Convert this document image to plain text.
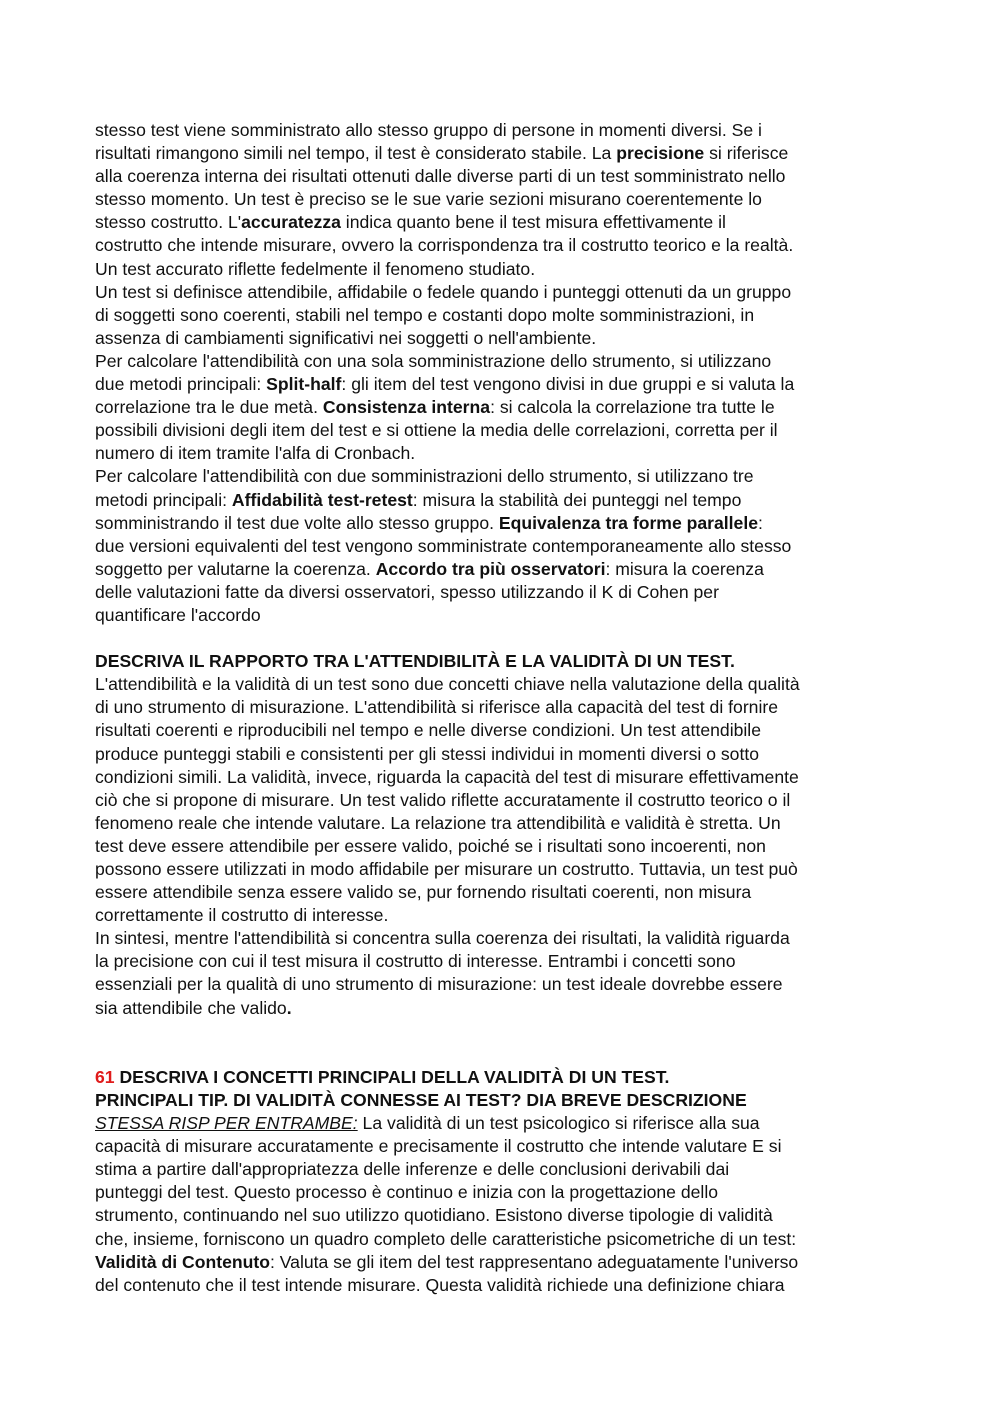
stesso test viene somministrato allo stesso gruppo di persone in momenti diversi. Se i
risultati rimangono simili nel tempo, il test è considerato stabile. La precisione si riferisce
alla coerenza interna dei risultati ottenuti dalle diverse parti di un test somministrato nello
stesso momento. Un test è preciso se le sue varie sezioni misurano coerentemente lo
stesso costrutto. L'accuratezza indica quanto bene il test misura effettivamente il
costrutto che intende misurare, ovvero la corrispondenza tra il costrutto teorico e la realtà.
Un test accurato riflette fedelmente il fenomeno studiato.
Un test si definisce attendibile, affidabile o fedele quando i punteggi ottenuti da un gruppo
di soggetti sono coerenti, stabili nel tempo e costanti dopo molte somministrazioni, in
assenza di cambiamenti significativi nei soggetti o nell'ambiente.
Per calcolare l'attendibilità con una sola somministrazione dello strumento, si utilizzano
due metodi principali: Split-half: gli item del test vengono divisi in due gruppi e si valuta la
correlazione tra le due metà. Consistenza interna: si calcola la correlazione tra tutte le
possibili divisioni degli item del test e si ottiene la media delle correlazioni, corretta per il
numero di item tramite l'alfa di Cronbach.
Per calcolare l'attendibilità con due somministrazioni dello strumento, si utilizzano tre
metodi principali: Affidabilità test-retest: misura la stabilità dei punteggi nel tempo
somministrando il test due volte allo stesso gruppo. Equivalenza tra forme parallele:
due versioni equivalenti del test vengono somministrate contemporaneamente allo stesso
soggetto per valutarne la coerenza. Accordo tra più osservatori: misura la coerenza
delle valutazioni fatte da diversi osservatori, spesso utilizzando il K di Cohen per
quantificare l'accordo
DESCRIVA IL RAPPORTO TRA L'ATTENDIBILITÀ E LA VALIDITÀ DI UN TEST.
L'attendibilità e la validità di un test sono due concetti chiave nella valutazione della qualità
di uno strumento di misurazione. L'attendibilità si riferisce alla capacità del test di fornire
risultati coerenti e riproducibili nel tempo e nelle diverse condizioni. Un test attendibile
produce punteggi stabili e consistenti per gli stessi individui in momenti diversi o sotto
condizioni simili. La validità, invece, riguarda la capacità del test di misurare effettivamente
ciò che si propone di misurare. Un test valido riflette accuratamente il costrutto teorico o il
fenomeno reale che intende valutare. La relazione tra attendibilità e validità è stretta. Un
test deve essere attendibile per essere valido, poiché se i risultati sono incoerenti, non
possono essere utilizzati in modo affidabile per misurare un costrutto. Tuttavia, un test può
essere attendibile senza essere valido se, pur fornendo risultati coerenti, non misura
correttamente il costrutto di interesse.
In sintesi, mentre l'attendibilità si concentra sulla coerenza dei risultati, la validità riguarda
la precisione con cui il test misura il costrutto di interesse. Entrambi i concetti sono
essenziali per la qualità di uno strumento di misurazione: un test ideale dovrebbe essere
sia attendibile che valido.
61 DESCRIVA I CONCETTI PRINCIPALI DELLA VALIDITÀ DI UN TEST.
PRINCIPALI TIP. DI VALIDITÀ CONNESSE AI TEST? DIA BREVE DESCRIZIONE
STESSA RISP PER ENTRAMBE: La validità di un test psicologico si riferisce alla sua
capacità di misurare accuratamente e precisamente il costrutto che intende valutare E si
stima a partire dall'appropriatezza delle inferenze e delle conclusioni derivabili dai
punteggi del test. Questo processo è continuo e inizia con la progettazione dello
strumento, continuando nel suo utilizzo quotidiano. Esistono diverse tipologie di validità
che, insieme, forniscono un quadro completo delle caratteristiche psicometriche di un test:
Validità di Contenuto: Valuta se gli item del test rappresentano adeguatamente l'universo
del contenuto che il test intende misurare. Questa validità richiede una definizione chiara
